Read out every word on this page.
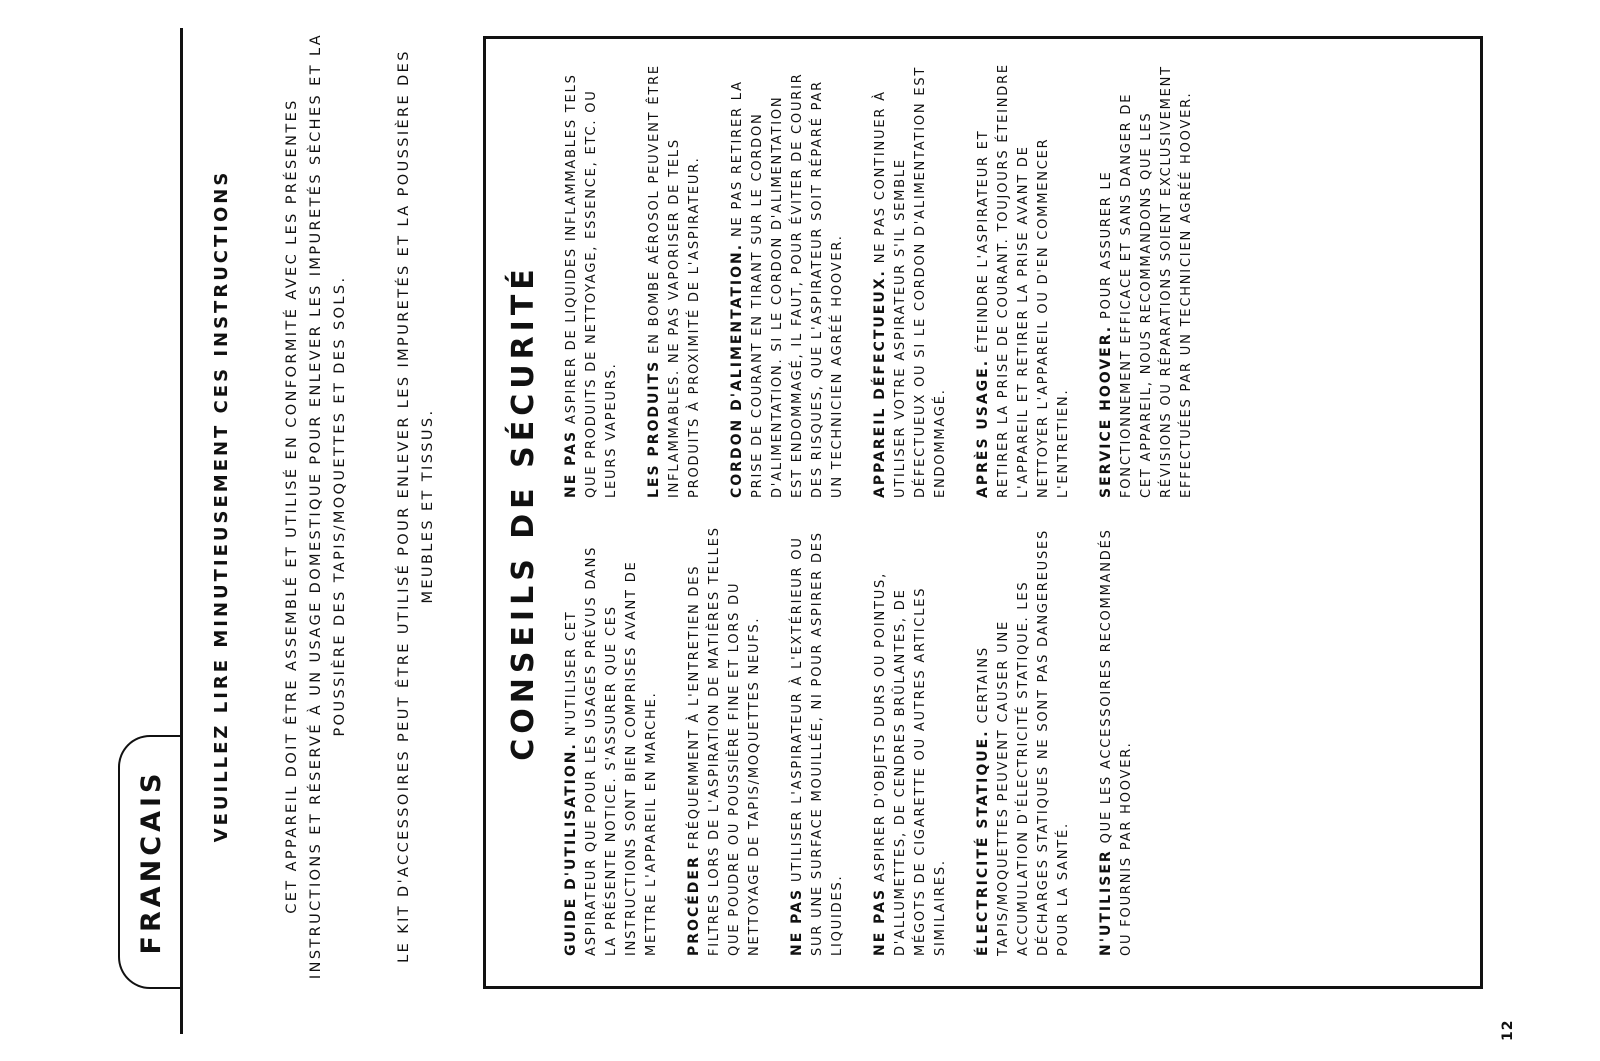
FRANCAIS
VEUILLEZ LIRE MINUTIEUSEMENT CES INSTRUCTIONS	CET APPAREIL DOIT ÊTRE ASSEMBLÉ ET UTILISÉ EN CONFORMITÉ AVEC LES PRÉSENTES INSTRUCTIONS ET RÉSERVÉ À UN USAGE DOMESTIQUE POUR ENLEVER LES IMPURETÉS SÈCHES ET LA POUSSIÈRE DES TAPIS/MOQUETTES ET DES SOLS.	LE KIT D'ACCESSOIRES PEUT ÊTRE UTILISÉ POUR ENLEVER LES IMPURETÉS ET LA POUSSIÈRE DES MEUBLES ET TISSUS. CONSEILS DE SÉCURITÉ
GUIDE D'UTILISATION. N'UTILISER CET ASPIRATEUR QUE POUR LES USAGES PRÉVUS DANS LA PRÉSENTE NOTICE. S'ASSURER QUE CES INSTRUCTIONS SONT BIEN COMPRISES AVANT DE METTRE L'APPAREIL EN MARCHE. PROCÉDER FRÉQUEMMENT À L'ENTRETIEN DES FILTRES LORS DE L'ASPIRATION DE MATIÈRES TELLES QUE POUDRE OU POUSSIÈRE FINE ET LORS DU NETTOYAGE DE TAPIS/MOQUETTES NEUFS. NE PAS UTILISER L'ASPIRATEUR À L'EXTÉRIEUR OU SUR UNE SURFACE MOUILLÉE, NI POUR ASPIRER DES LIQUIDES. NE PAS ASPIRER D'OBJETS DURS OU POINTUS, D'ALLUMETTES, DE CENDRES BRÛLANTES, DE MÉGOTS DE CIGARETTE OU AUTRES ARTICLES SIMILAIRES. ÉLECTRICITÉ STATIQUE. CERTAINS TAPIS/MOQUETTES PEUVENT CAUSER UNE ACCUMULATION D'ÉLECTRICITÉ STATIQUE. LES DÉCHARGES STATIQUES NE SONT PAS DANGEREUSES POUR LA SANTÉ. N'UTILISER QUE LES ACCESSOIRES RECOMMANDÉS OU FOURNIS PAR HOOVER.
NE PAS ASPIRER DE LIQUIDES INFLAMMABLES TELS QUE PRODUITS DE NETTOYAGE, ESSENCE, ETC. OU LEURS VAPEURS. LES PRODUITS EN BOMBE AÉROSOL PEUVENT ÊTRE INFLAMMABLES. NE PAS VAPORISER DE TELS PRODUITS À PROXIMITÉ DE L'ASPIRATEUR. CORDON D'ALIMENTATION. NE PAS RETIRER LA PRISE DE COURANT EN TIRANT SUR LE CORDON D'ALIMENTATION. SI LE CORDON D'ALIMENTATION EST ENDOMMAGÉ, IL FAUT, POUR ÉVITER DE COURIR DES RISQUES, QUE L'ASPIRATEUR SOIT RÉPARÉ PAR UN TECHNICIEN AGRÉÉ HOOVER. APPAREIL DÉFECTUEUX. NE PAS CONTINUER À UTILISER VOTRE ASPIRATEUR S'IL SEMBLE DÉFECTUEUX OU SI LE CORDON D'ALIMENTATION EST ENDOMMAGÉ. APRÈS USAGE. ÉTEINDRE L'ASPIRATEUR ET RETIRER LA PRISE DE COURANT. TOUJOURS ÉTEINDRE L'APPAREIL ET RETIRER LA PRISE AVANT DE NETTOYER L'APPAREIL OU D'EN COMMENCER L'ENTRETIEN. SERVICE HOOVER. POUR ASSURER LE FONCTIONNEMENT EFFICACE ET SANS DANGER DE CET APPAREIL, NOUS RECOMMANDONS QUE LES RÉVISIONS OU RÉPARATIONS SOIENT EXCLUSIVEMENT EFFECTUÉES PAR UN TECHNICIEN AGRÉÉ HOOVER.
12
